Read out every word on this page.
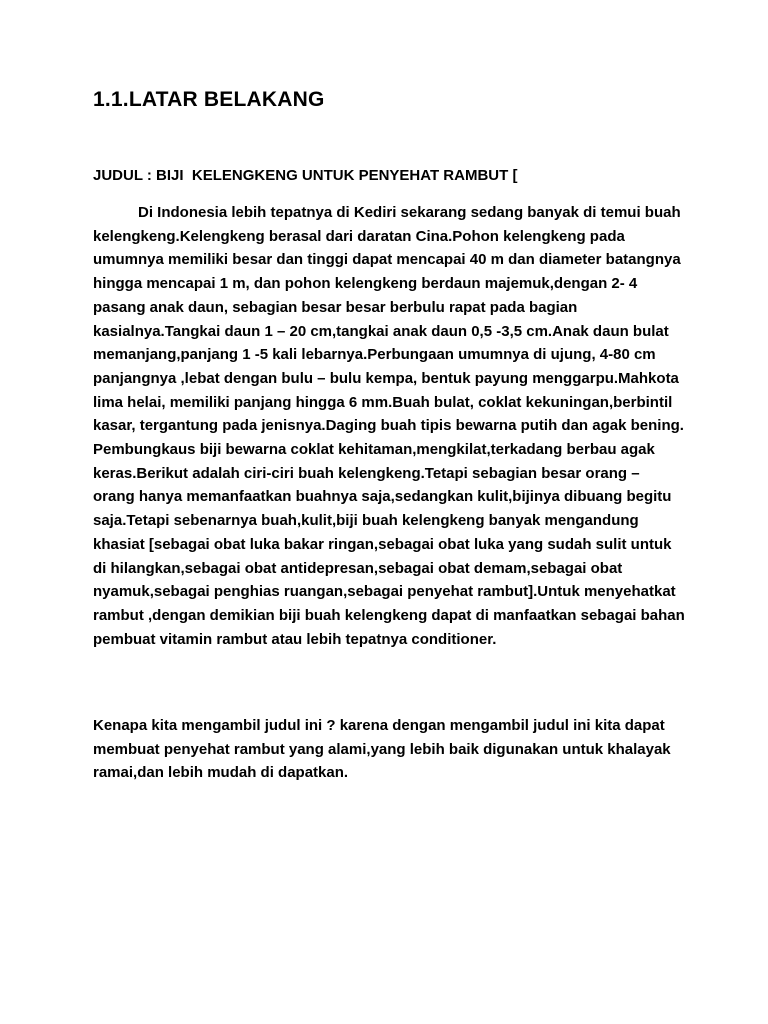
1.1.LATAR BELAKANG

JUDUL : BIJI  KELENGKENG UNTUK PENYEHAT RAMBUT [

Di Indonesia lebih tepatnya di Kediri sekarang sedang banyak di temui buah kelengkeng.Kelengkeng berasal dari daratan Cina.Pohon kelengkeng pada umumnya memiliki besar dan tinggi dapat mencapai 40 m dan diameter batangnya hingga mencapai 1 m, dan pohon kelengkeng berdaun majemuk,dengan 2- 4 pasang anak daun, sebagian besar besar berbulu rapat pada bagian kasialnya.Tangkai daun 1 – 20 cm,tangkai anak daun 0,5 -3,5 cm.Anak daun bulat memanjang,panjang 1 -5 kali lebarnya.Perbungaan umumnya di ujung, 4-80 cm panjangnya ,lebat dengan bulu – bulu kempa, bentuk payung menggarpu.Mahkota lima helai, memiliki panjang hingga 6 mm.Buah bulat, coklat kekuningan,berbintil kasar, tergantung pada jenisnya.Daging buah tipis bewarna putih dan agak bening. Pembungkaus biji bewarna coklat kehitaman,mengkilat,terkadang berbau agak keras.Berikut adalah ciri-ciri buah kelengkeng.Tetapi sebagian besar orang – orang hanya memanfaatkan buahnya saja,sedangkan kulit,bijinya dibuang begitu saja.Tetapi sebenarnya buah,kulit,biji buah kelengkeng banyak mengandung khasiat [sebagai obat luka bakar ringan,sebagai obat luka yang sudah sulit untuk di hilangkan,sebagai obat antidepresan,sebagai obat demam,sebagai obat nyamuk,sebagai penghias ruangan,sebagai penyehat rambut].Untuk menyehatkat rambut ,dengan demikian biji buah kelengkeng dapat di manfaatkan sebagai bahan pembuat vitamin rambut atau lebih tepatnya conditioner.

Kenapa kita mengambil judul ini ? karena dengan mengambil judul ini kita dapat membuat penyehat rambut yang alami,yang lebih baik digunakan untuk khalayak ramai,dan lebih mudah di dapatkan.
